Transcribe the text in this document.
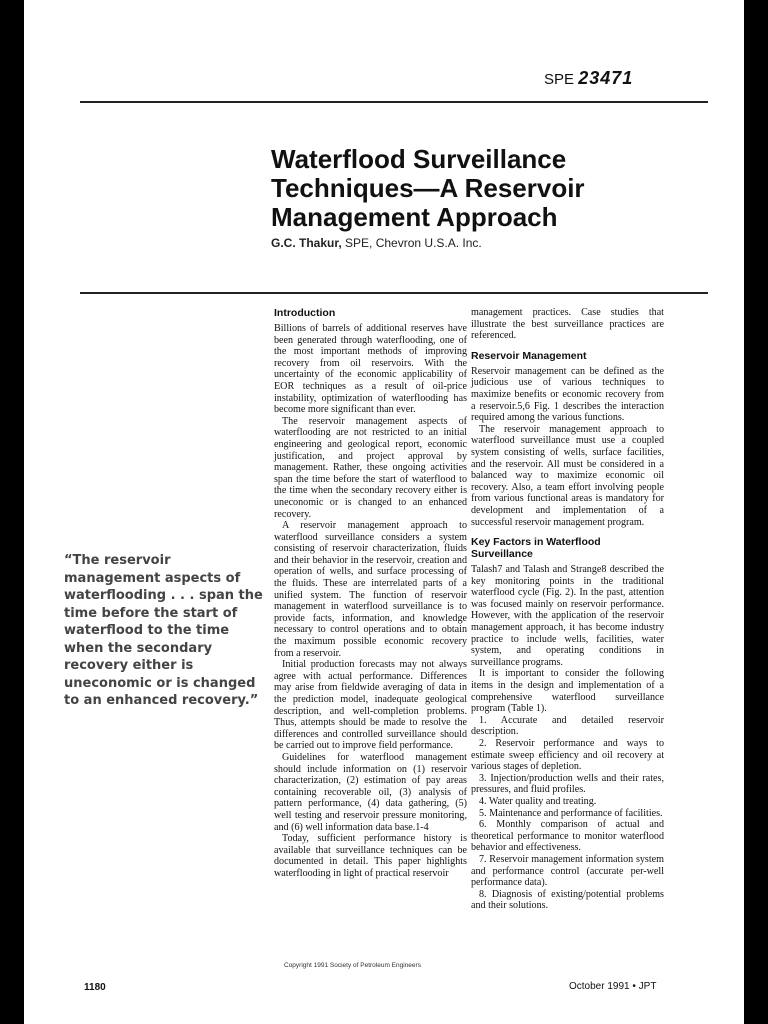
SPE 23471
Waterflood Surveillance Techniques—A Reservoir Management Approach
G.C. Thakur, SPE, Chevron U.S.A. Inc.
“The reservoir management aspects of waterflooding . . . span the time before the start of waterflood to the time when the secondary recovery either is uneconomic or is changed to an enhanced recovery.”
Introduction

Billions of barrels of additional reserves have been generated through waterflooding, one of the most important methods of improving recovery from oil reservoirs. With the uncertainty of the economic applicability of EOR techniques as a result of oil-price instability, optimization of waterflooding has become more significant than ever.

The reservoir management aspects of waterflooding are not restricted to an initial engineering and geological report, economic justification, and project approval by management. Rather, these ongoing activities span the time before the start of waterflood to the time when the secondary recovery either is uneconomic or is changed to an enhanced recovery.

A reservoir management approach to waterflood surveillance considers a system consisting of reservoir characterization, fluids and their behavior in the reservoir, creation and operation of wells, and surface processing of the fluids. These are interrelated parts of a unified system. The function of reservoir management in waterflood surveillance is to provide facts, information, and knowledge necessary to control operations and to obtain the maximum possible economic recovery from a reservoir.

Initial production forecasts may not always agree with actual performance. Differences may arise from fieldwide averaging of data in the prediction model, inadequate geological description, and well-completion problems. Thus, attempts should be made to resolve the differences and controlled surveillance should be carried out to improve field performance.

Guidelines for waterflood management should include information on (1) reservoir characterization, (2) estimation of pay areas containing recoverable oil, (3) analysis of pattern performance, (4) data gathering, (5) well testing and reservoir pressure monitoring, and (6) well information data base.1-4

Today, sufficient performance history is available that surveillance techniques can be documented in detail. This paper highlights waterflooding in light of practical reservoir

management practices. Case studies that illustrate the best surveillance practices are referenced.

Reservoir Management

Reservoir management can be defined as the judicious use of various techniques to maximize benefits or economic recovery from a reservoir.5,6 Fig. 1 describes the interaction required among the various functions.

The reservoir management approach to waterflood surveillance must use a coupled system consisting of wells, surface facilities, and the reservoir. All must be considered in a balanced way to maximize economic oil recovery. Also, a team effort involving people from various functional areas is mandatory for development and implementation of a successful reservoir management program.

Key Factors in Waterflood Surveillance

Talash7 and Talash and Strange8 described the key monitoring points in the traditional waterflood cycle (Fig. 2). In the past, attention was focused mainly on reservoir performance. However, with the application of the reservoir management approach, it has become industry practice to include wells, facilities, water system, and operating conditions in surveillance programs.

It is important to consider the following items in the design and implementation of a comprehensive waterflood surveillance program (Table 1).

1. Accurate and detailed reservoir description.

2. Reservoir performance and ways to estimate sweep efficiency and oil recovery at various stages of depletion.

3. Injection/production wells and their rates, pressures, and fluid profiles.

4. Water quality and treating.

5. Maintenance and performance of facilities.

6. Monthly comparison of actual and theoretical performance to monitor waterflood behavior and effectiveness.

7. Reservoir management information system and performance control (accurate per-well performance data).

8. Diagnosis of existing/potential problems and their solutions.

Copyright 1991 Society of Petroleum Engineers
1180	October 1991 • JPT
